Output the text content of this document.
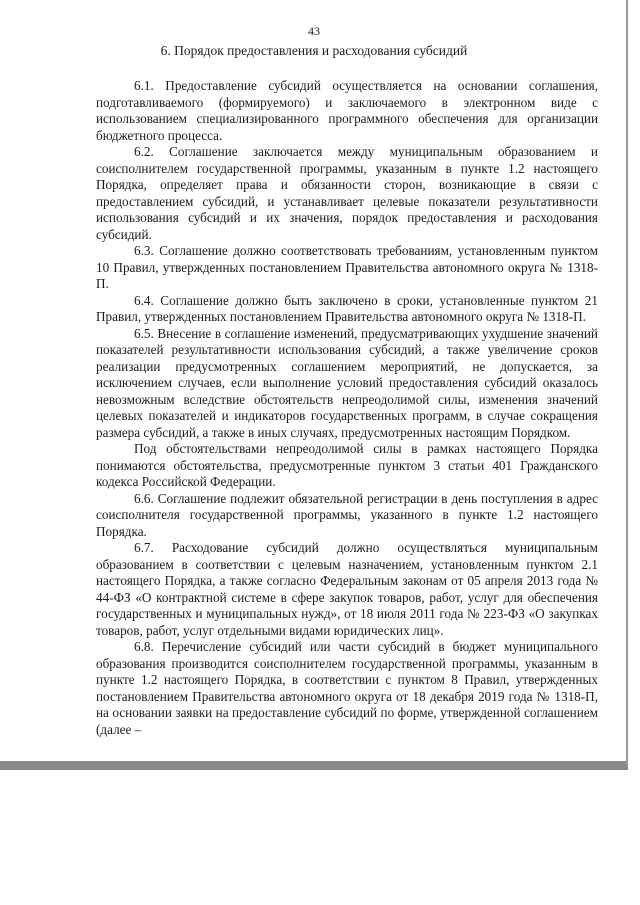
43
6. Порядок предоставления и расходования субсидий

6.1. Предоставление субсидий осуществляется на основании соглашения, подготавливаемого (формируемого) и заключаемого в электронном виде с использованием специализированного программного обеспечения для организации бюджетного процесса.

6.2. Соглашение заключается между муниципальным образованием и соисполнителем государственной программы, указанным в пункте 1.2 настоящего Порядка, определяет права и обязанности сторон, возникающие в связи с предоставлением субсидий, и устанавливает целевые показатели результативности использования субсидий и их значения, порядок предоставления и расходования субсидий.

6.3. Соглашение должно соответствовать требованиям, установленным пунктом 10 Правил, утвержденных постановлением Правительства автономного округа № 1318-П.

6.4. Соглашение должно быть заключено в сроки, установленные пунктом 21 Правил, утвержденных постановлением Правительства автономного округа № 1318-П.

6.5. Внесение в соглашение изменений, предусматривающих ухудшение значений показателей результативности использования субсидий, а также увеличение сроков реализации предусмотренных соглашением мероприятий, не допускается, за исключением случаев, если выполнение условий предоставления субсидий оказалось невозможным вследствие обстоятельств непреодолимой силы, изменения значений целевых показателей и индикаторов государственных программ, в случае сокращения размера субсидий, а также в иных случаях, предусмотренных настоящим Порядком.

Под обстоятельствами непреодолимой силы в рамках настоящего Порядка понимаются обстоятельства, предусмотренные пунктом 3 статьи 401 Гражданского кодекса Российской Федерации.

6.6. Соглашение подлежит обязательной регистрации в день поступления в адрес соисполнителя государственной программы, указанного в пункте 1.2 настоящего Порядка.

6.7. Расходование субсидий должно осуществляться муниципальным образованием в соответствии с целевым назначением, установленным пунктом 2.1 настоящего Порядка, а также согласно Федеральным законам от 05 апреля 2013 года № 44-ФЗ «О контрактной системе в сфере закупок товаров, работ, услуг для обеспечения государственных и муниципальных нужд», от 18 июля 2011 года № 223-ФЗ «О закупках товаров, работ, услуг отдельными видами юридических лиц».

6.8. Перечисление субсидий или части субсидий в бюджет муниципального образования производится соисполнителем государственной программы, указанным в пункте 1.2 настоящего Порядка, в соответствии с пунктом 8 Правил, утвержденных постановлением Правительства автономного округа от 18 декабря 2019 года № 1318-П, на основании заявки на предоставление субсидий по форме, утвержденной соглашением (далее –
